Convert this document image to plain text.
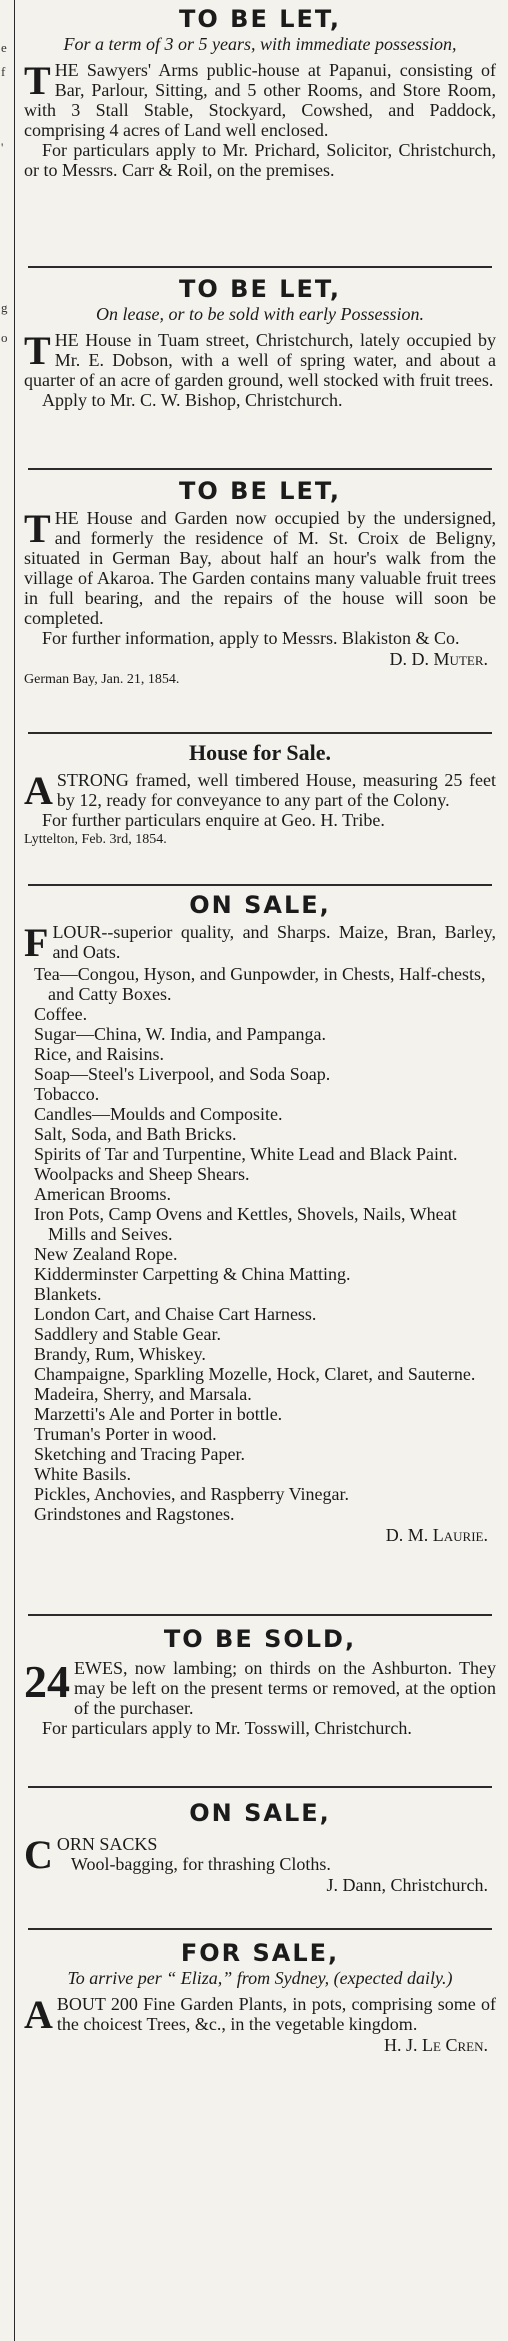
e
f
'
g
o
TO BE LET,
For a term of 3 or 5 years, with immediate possession,

THE Sawyers' Arms public-house at Papanui, consisting of Bar, Parlour, Sitting, and 5 other Rooms, and Store Room, with 3 Stall Stable, Stockyard, Cowshed, and Paddock, comprising 4 acres of Land well enclosed.

For particulars apply to Mr. Prichard, Solicitor, Christchurch, or to Messrs. Carr & Roil, on the premises.

TO BE LET,
On lease, or to be sold with early Possession.

THE House in Tuam street, Christchurch, lately occupied by Mr. E. Dobson, with a well of spring water, and about a quarter of an acre of garden ground, well stocked with fruit trees.

Apply to Mr. C. W. Bishop, Christchurch.

TO BE LET,

THE House and Garden now occupied by the undersigned, and formerly the residence of M. St. Croix de Beligny, situated in German Bay, about half an hour's walk from the village of Akaroa. The Garden contains many valuable fruit trees in full bearing, and the repairs of the house will soon be completed.

For further information, apply to Messrs. Blakiston & Co.

D. D. Muter.
German Bay, Jan. 21, 1854.
House for Sale.

ASTRONG framed, well timbered House, measuring 25 feet by 12, ready for conveyance to any part of the Colony.

For further particulars enquire at Geo. H. Tribe.

Lyttelton, Feb. 3rd, 1854.
ON SALE,

FLOUR--superior quality, and Sharps. Maize, Bran, Barley, and Oats.

Tea—Congou, Hyson, and Gunpowder, in Chests, Half-chests, and Catty Boxes.
Coffee.
Sugar—China, W. India, and Pampanga.
Rice, and Raisins.
Soap—Steel's Liverpool, and Soda Soap.
Tobacco.
Candles—Moulds and Composite.
Salt, Soda, and Bath Bricks.
Spirits of Tar and Turpentine, White Lead and Black Paint.
Woolpacks and Sheep Shears.
American Brooms.
Iron Pots, Camp Ovens and Kettles, Shovels, Nails, Wheat Mills and Seives.
New Zealand Rope.
Kidderminster Carpetting & China Matting.
Blankets.
London Cart, and Chaise Cart Harness.
Saddlery and Stable Gear.
Brandy, Rum, Whiskey.
Champaigne, Sparkling Mozelle, Hock, Claret, and Sauterne.
Madeira, Sherry, and Marsala.
Marzetti's Ale and Porter in bottle.
Truman's Porter in wood.
Sketching and Tracing Paper.
White Basils.
Pickles, Anchovies, and Raspberry Vinegar.
Grindstones and Ragstones.
D. M. Laurie.
TO BE SOLD,

24 EWES, now lambing; on thirds on the Ashburton. They may be left on the present terms or removed, at the option of the purchaser.

For particulars apply to Mr. Tosswill, Christchurch.

ON SALE,

CORN SACKS
Wool-bagging, for thrashing Cloths.

J. Dann, Christchurch.
FOR SALE,
To arrive per “ Eliza,” from Sydney, (expected daily.)

ABOUT 200 Fine Garden Plants, in pots, comprising some of the choicest Trees, &c., in the vegetable kingdom.

H. J. Le Cren.
